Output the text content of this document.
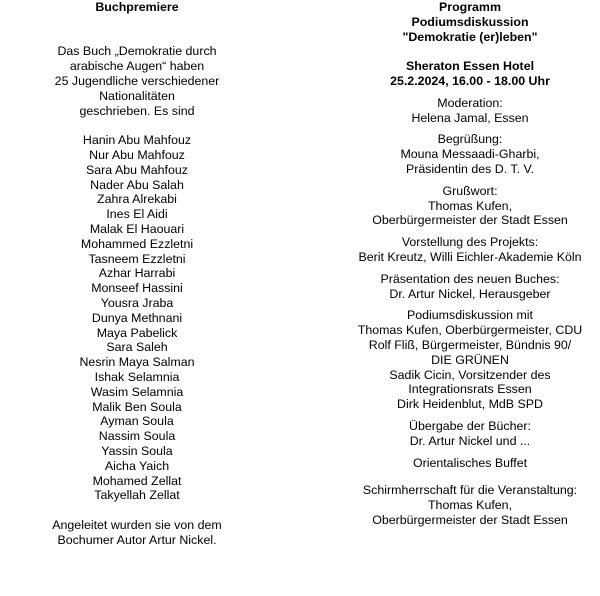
Buchpremiere
Das Buch „Demokratie durch
arabische Augen“ haben
25 Jugendliche verschiedener
Nationalitäten
geschrieben. Es sind
Hanin Abu Mahfouz
Nur Abu Mahfouz
Sara Abu Mahfouz
Nader Abu Salah
Zahra Alrekabi
Ines El Aidi
Malak El Haouari
Mohammed Ezzletni
Tasneem Ezzletni
Azhar Harrabi
Monseef Hassini
Yousra Jraba
Dunya Methnani
Maya Pabelick
Sara Saleh
Nesrin Maya Salman
Ishak Selamnia
Wasim Selamnia
Malik Ben Soula
Ayman Soula
Nassim Soula
Yassin Soula
Aicha Yaich
Mohamed Zellat
Takyellah Zellat
Angeleitet wurden sie von dem
Bochumer Autor Artur Nickel.
Programm
Podiumsdiskussion
"Demokratie (er)leben"
Sheraton Essen Hotel
25.2.2024, 16.00 - 18.00 Uhr
Moderation:
Helena Jamal, Essen
Begrüßung:
Mouna Messaadi-Gharbi,
Präsidentin des D. T. V.
Grußwort:
Thomas Kufen,
Oberbürgermeister der Stadt Essen
Vorstellung des Projekts:
Berit Kreutz, Willi Eichler-Akademie Köln
Präsentation des neuen Buches:
Dr. Artur Nickel, Herausgeber
Podiumsdiskussion mit
Thomas Kufen, Oberbürgermeister, CDU
Rolf Fliß, Bürgermeister, Bündnis 90/
DIE GRÜNEN
Sadik Cicin, Vorsitzender des
Integrationsrats Essen
Dirk Heidenblut, MdB SPD
Übergabe der Bücher:
Dr. Artur Nickel und ...
Orientalisches Buffet
Schirmherrschaft für die Veranstaltung:
Thomas Kufen,
Oberbürgermeister der Stadt Essen
